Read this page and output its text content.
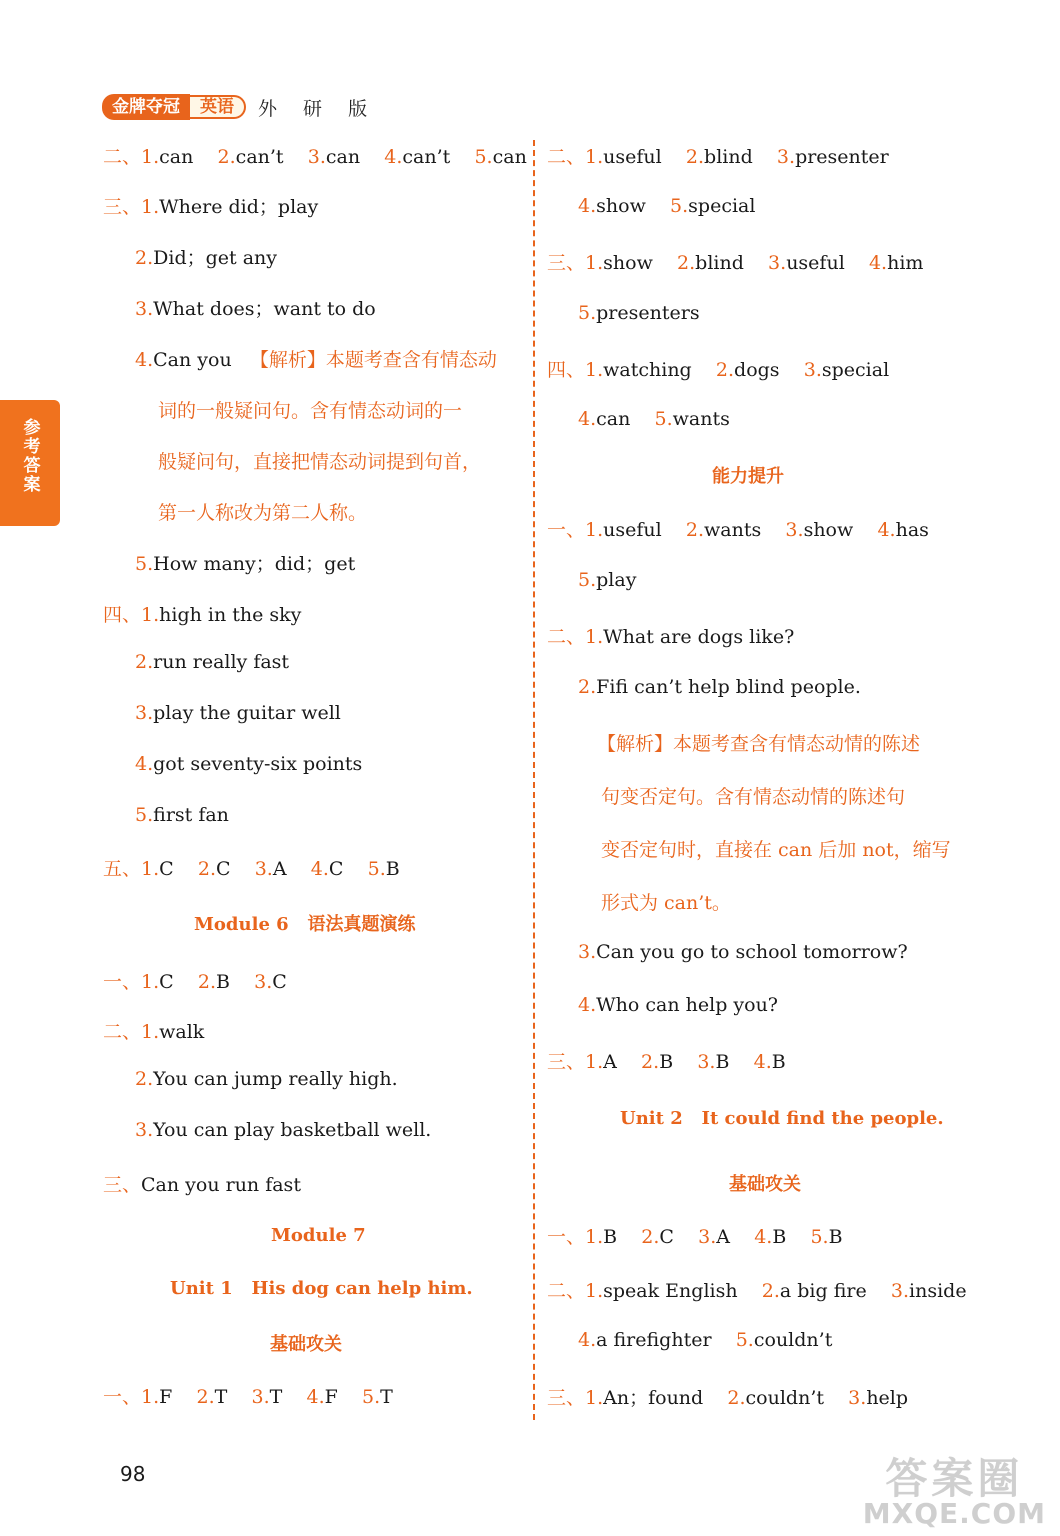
金牌夺冠	英语	外 研 版
参考答案
二、1.can 2.can’t 3.can 4.can’t 5.can
三、1.Where did；play
2.Did；get any
3.What does；want to do
4.Can you 【解析】本题考查含有情态动
词的一般疑问句。含有情态动词的一
般疑问句，直接把情态动词提到句首，
第一人称改为第二人称。
5.How many；did；get
四、1.high in the sky
2.run really fast
3.play the guitar well
4.got seventy-six points
5.first fan
五、1.C 2.C 3.A 4.C 5.B
Module 6 语法真题演练
一、1.C 2.B 3.C
二、1.walk
2.You can jump really high.
3.You can play basketball well.
三、Can you run fast
Module 7
Unit 1 His dog can help him.
基础攻关
一、1.F 2.T 3.T 4.F 5.T
二、1.useful 2.blind 3.presenter
4.show 5.special
三、1.show 2.blind 3.useful 4.him
5.presenters
四、1.watching 2.dogs 3.special
4.can 5.wants
能力提升
一、1.useful 2.wants 3.show 4.has
5.play
二、1.What are dogs like?
2.Fifi can’t help blind people.
【解析】本题考查含有情态动情的陈述
句变否定句。含有情态动情的陈述句
变否定句时，直接在 can 后加 not，缩写
形式为 can’t。
3.Can you go to school tomorrow?
4.Who can help you?
三、1.A 2.B 3.B 4.B
Unit 2 It could find the people.
基础攻关
一、1.B 2.C 3.A 4.B 5.B
二、1.speak English 2.a big fire 3.inside
4.a firefighter 5.couldn’t
三、1.An；found 2.couldn’t 3.help
98	答案圈
MXQE.COM
